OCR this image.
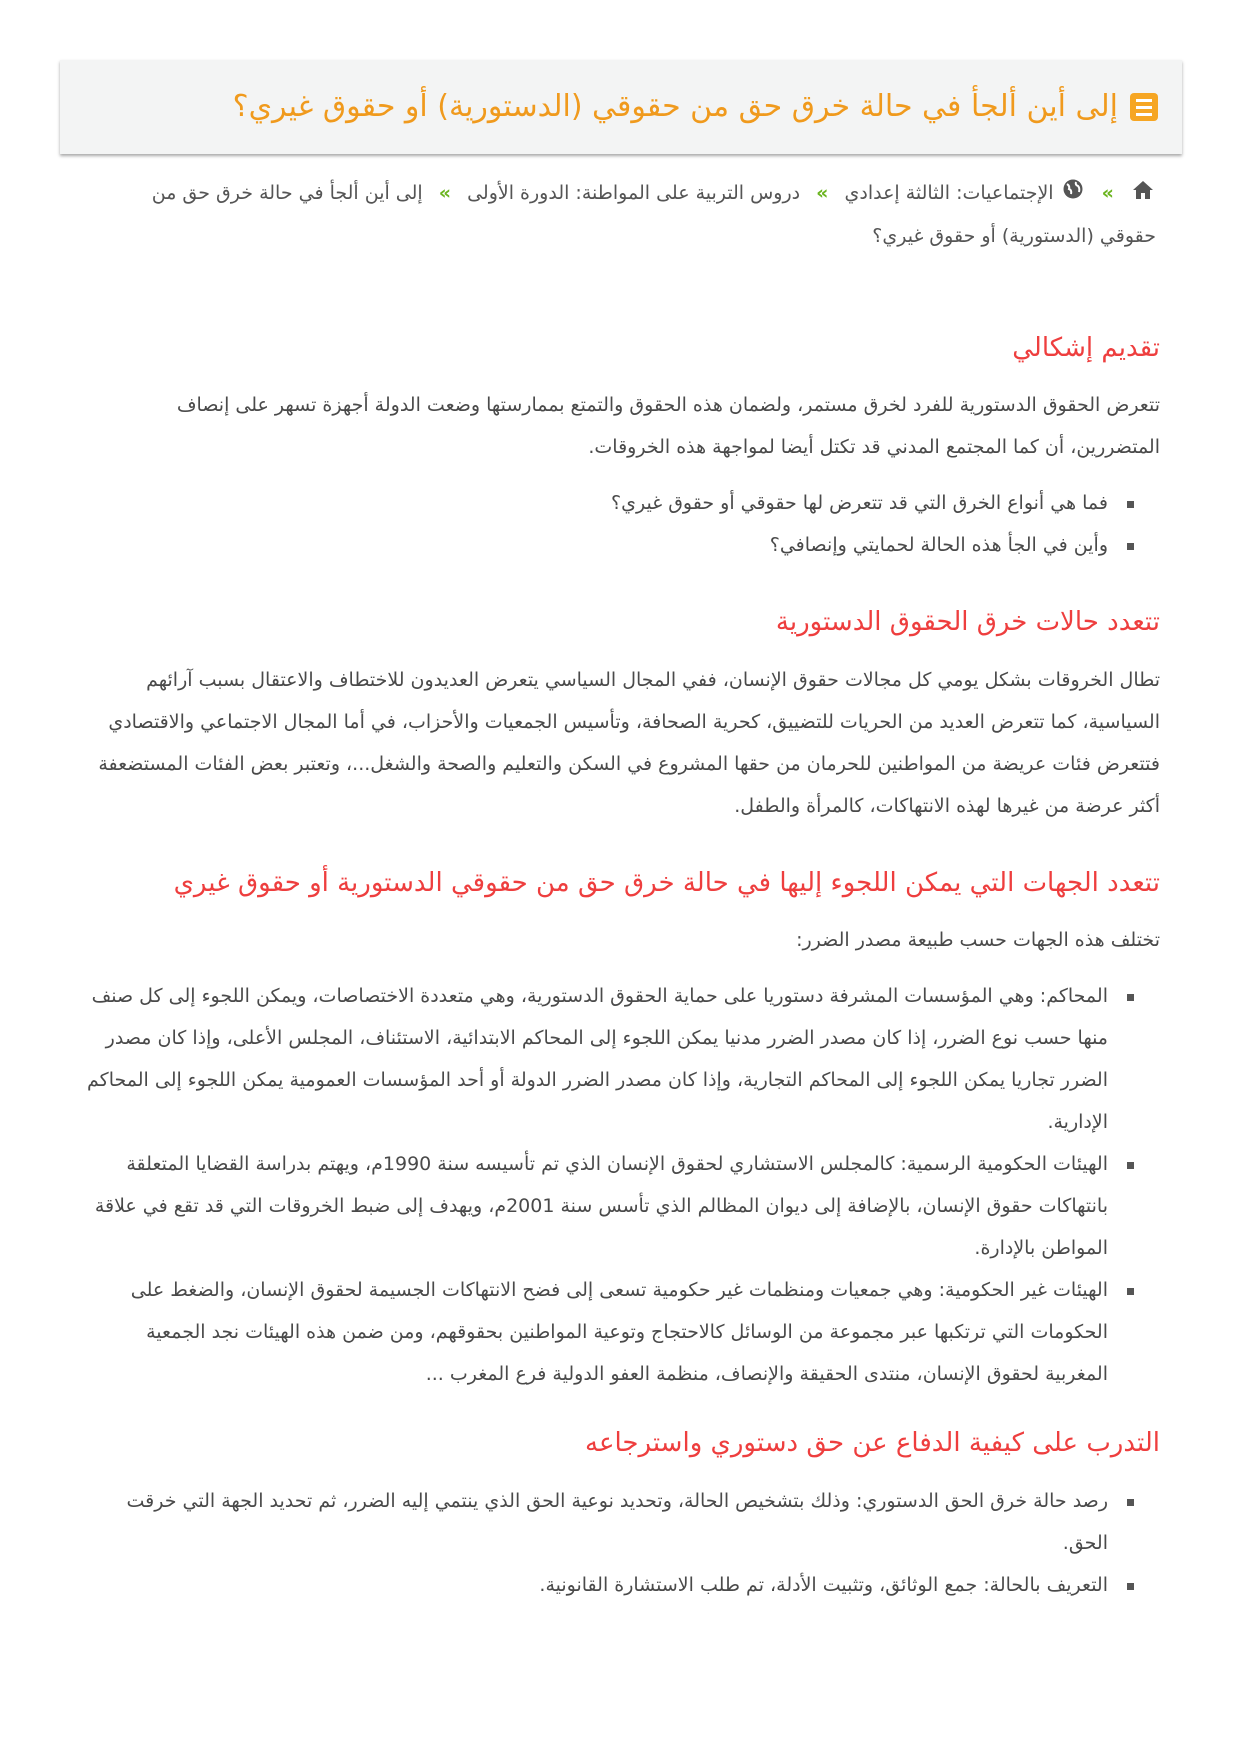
إلى أين ألجأ في حالة خرق حق من حقوقي (الدستورية) أو حقوق غيري؟
»  الإجتماعيات: الثالثة إعدادي » دروس التربية على المواطنة: الدورة الأولى » إلى أين ألجأ في حالة خرق حق من حقوقي (الدستورية) أو حقوق غيري؟
تقديم إشكالي

تتعرض الحقوق الدستورية للفرد لخرق مستمر، ولضمان هذه الحقوق والتمتع بممارستها وضعت الدولة أجهزة تسهر على إنصاف المتضررين، أن كما المجتمع المدني قد تكتل أيضا لمواجهة هذه الخروقات.

فما هي أنواع الخرق التي قد تتعرض لها حقوقي أو حقوق غيري؟
وأين في الجأ هذه الحالة لحمايتي وإنصافي؟
تتعدد حالات خرق الحقوق الدستورية

تطال الخروقات بشكل يومي كل مجالات حقوق الإنسان، ففي المجال السياسي يتعرض العديدون للاختطاف والاعتقال بسبب آرائهم السياسية، كما تتعرض العديد من الحريات للتضييق، كحرية الصحافة، وتأسيس الجمعيات والأحزاب، في أما المجال الاجتماعي والاقتصادي فتتعرض فئات عريضة من المواطنين للحرمان من حقها المشروع في السكن والتعليم والصحة والشغل...، وتعتبر بعض الفئات المستضعفة أكثر عرضة من غيرها لهذه الانتهاكات، كالمرأة والطفل.

تتعدد الجهات التي يمكن اللجوء إليها في حالة خرق حق من حقوقي الدستورية أو حقوق غيري

تختلف هذه الجهات حسب طبيعة مصدر الضرر:

المحاكم: وهي المؤسسات المشرفة دستوريا على حماية الحقوق الدستورية، وهي متعددة الاختصاصات، ويمكن اللجوء إلى كل صنف منها حسب نوع الضرر، إذا كان مصدر الضرر مدنيا يمكن اللجوء إلى المحاكم الابتدائية، الاستئناف، المجلس الأعلى، وإذا كان مصدر الضرر تجاريا يمكن اللجوء إلى المحاكم التجارية، وإذا كان مصدر الضرر الدولة أو أحد المؤسسات العمومية يمكن اللجوء إلى المحاكم الإدارية.
الهيئات الحكومية الرسمية: كالمجلس الاستشاري لحقوق الإنسان الذي تم تأسيسه سنة 1990م، ويهتم بدراسة القضايا المتعلقة بانتهاكات حقوق الإنسان، بالإضافة إلى ديوان المظالم الذي تأسس سنة 2001م، ويهدف إلى ضبط الخروقات التي قد تقع في علاقة المواطن بالإدارة.
الهيئات غير الحكومية: وهي جمعيات ومنظمات غير حكومية تسعى إلى فضح الانتهاكات الجسيمة لحقوق الإنسان، والضغط على الحكومات التي ترتكبها عبر مجموعة من الوسائل كالاحتجاج وتوعية المواطنين بحقوقهم، ومن ضمن هذه الهيئات نجد الجمعية المغربية لحقوق الإنسان، منتدى الحقيقة والإنصاف، منظمة العفو الدولية فرع المغرب ...
التدرب على كيفية الدفاع عن حق دستوري واسترجاعه
رصد حالة خرق الحق الدستوري: وذلك بتشخيص الحالة، وتحديد نوعية الحق الذي ينتمي إليه الضرر، ثم تحديد الجهة التي خرقت الحق.
التعريف بالحالة: جمع الوثائق، وتثبيت الأدلة، تم طلب الاستشارة القانونية.
